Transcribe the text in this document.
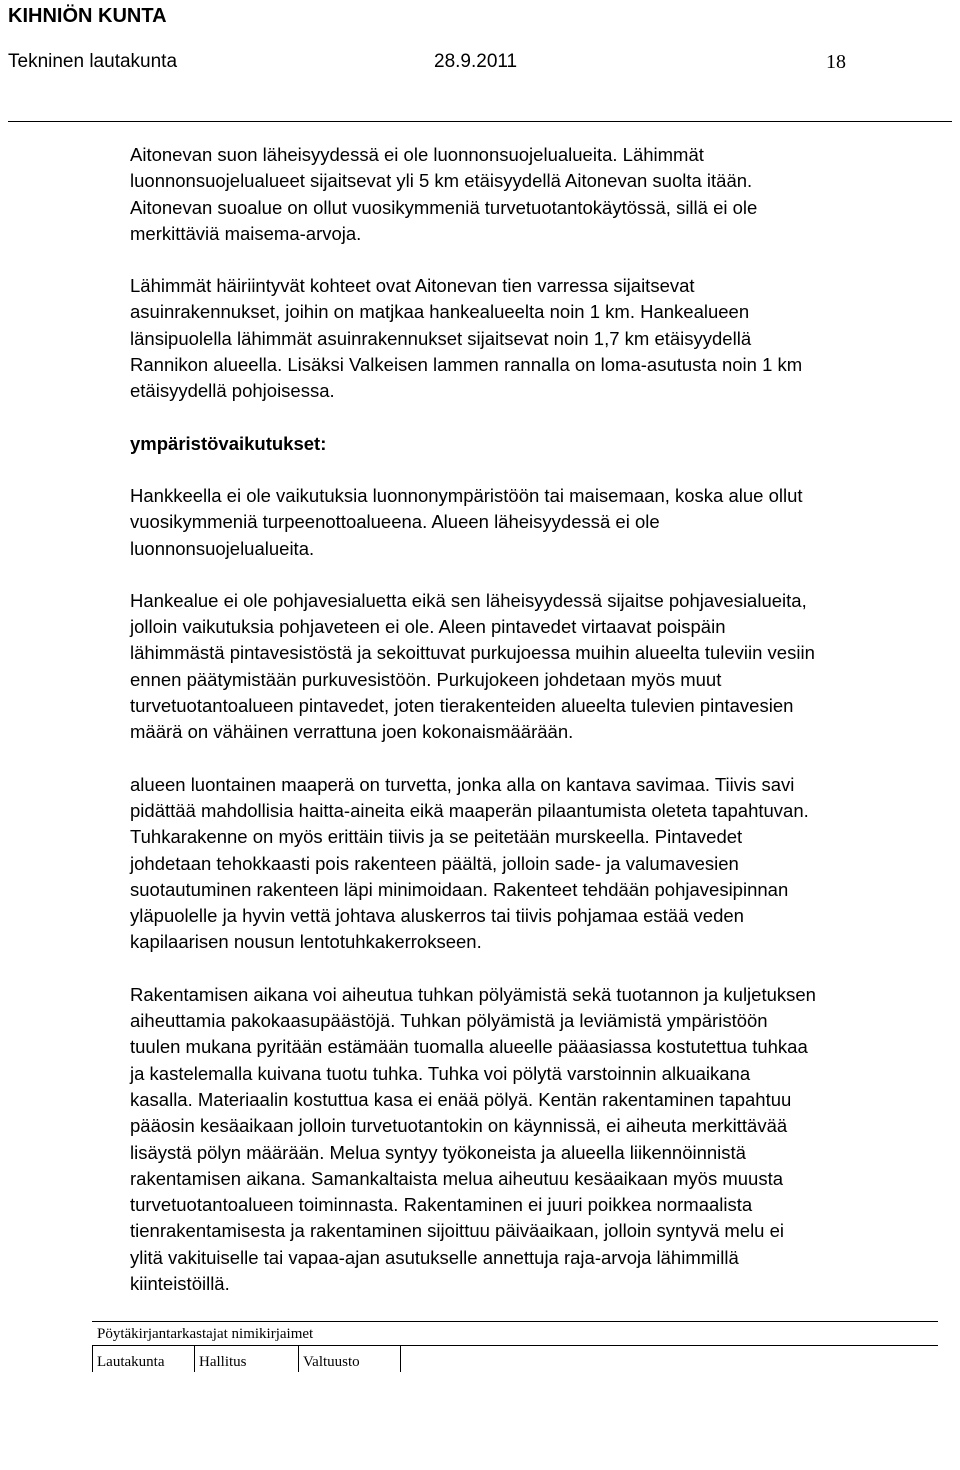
KIHNIÖN KUNTA
Tekninen lautakunta	28.9.2011	18

Aitonevan suon läheisyydessä ei ole luonnonsuojelualueita. Lähimmät
luonnonsuojelualueet sijaitsevat yli 5 km etäisyydellä Aitonevan suolta itään.
Aitonevan suoalue on ollut vuosikymmeniä turvetuotantokäytössä, sillä ei ole
merkittäviä maisema-arvoja.

Lähimmät häiriintyvät kohteet ovat Aitonevan tien varressa sijaitsevat
asuinrakennukset, joihin on matjkaa hankealueelta noin 1 km. Hankealueen
länsipuolella lähimmät asuinrakennukset sijaitsevat noin 1,7 km etäisyydellä
Rannikon alueella. Lisäksi Valkeisen lammen rannalla on loma-asutusta noin 1 km
etäisyydellä pohjoisessa.

ympäristövaikutukset:

Hankkeella ei ole vaikutuksia luonnonympäristöön tai maisemaan, koska alue ollut
vuosikymmeniä turpeenottoalueena. Alueen läheisyydessä ei ole
luonnonsuojelualueita.

Hankealue ei ole pohjavesialuetta eikä sen läheisyydessä sijaitse pohjavesialueita,
jolloin vaikutuksia pohjaveteen ei ole. Aleen pintavedet virtaavat poispäin
lähimmästä pintavesistöstä ja sekoittuvat purkujoessa muihin alueelta tuleviin vesiin
ennen päätymistään purkuvesistöön. Purkujokeen johdetaan myös muut
turvetuotantoalueen pintavedet, joten tierakenteiden alueelta tulevien pintavesien
määrä on vähäinen verrattuna joen kokonaismäärään.

alueen luontainen maaperä on turvetta, jonka alla on kantava savimaa. Tiivis savi
pidättää mahdollisia haitta-aineita eikä maaperän pilaantumista oleteta tapahtuvan.
Tuhkarakenne on myös erittäin tiivis ja se peitetään murskeella. Pintavedet
johdetaan tehokkaasti pois rakenteen päältä, jolloin sade- ja valumavesien
suotautuminen rakenteen läpi minimoidaan. Rakenteet tehdään pohjavesipinnan
yläpuolelle ja hyvin vettä johtava aluskerros tai tiivis pohjamaa estää veden
kapilaarisen nousun lentotuhkakerrokseen.

Rakentamisen aikana voi aiheutua tuhkan pölyämistä sekä tuotannon ja kuljetuksen
aiheuttamia pakokaasupäästöjä. Tuhkan pölyämistä ja leviämistä ympäristöön
tuulen mukana pyritään estämään tuomalla alueelle pääasiassa kostutettua tuhkaa
ja kastelemalla kuivana tuotu tuhka. Tuhka voi pölytä varstoinnin alkuaikana
kasalla. Materiaalin kostuttua kasa ei enää pölyä. Kentän rakentaminen tapahtuu
pääosin kesäaikaan jolloin turvetuotantokin on käynnissä, ei aiheuta merkittävää
lisäystä pölyn määrään. Melua syntyy työkoneista ja alueella liikennöinnistä
rakentamisen aikana. Samankaltaista melua aiheutuu kesäaikaan myös muusta
turvetuotantoalueen toiminnasta. Rakentaminen ei juuri poikkea normaalista
tienrakentamisesta ja rakentaminen sijoittuu päiväaikaan, jolloin syntyvä melu ei
ylitä vakituiselle tai vapaa-ajan asutukselle annettuja raja-arvoja lähimmillä
kiinteistöillä.

Pöytäkirjantarkastajat nimikirjaimet
Lautakunta Hallitus	Valtuusto
